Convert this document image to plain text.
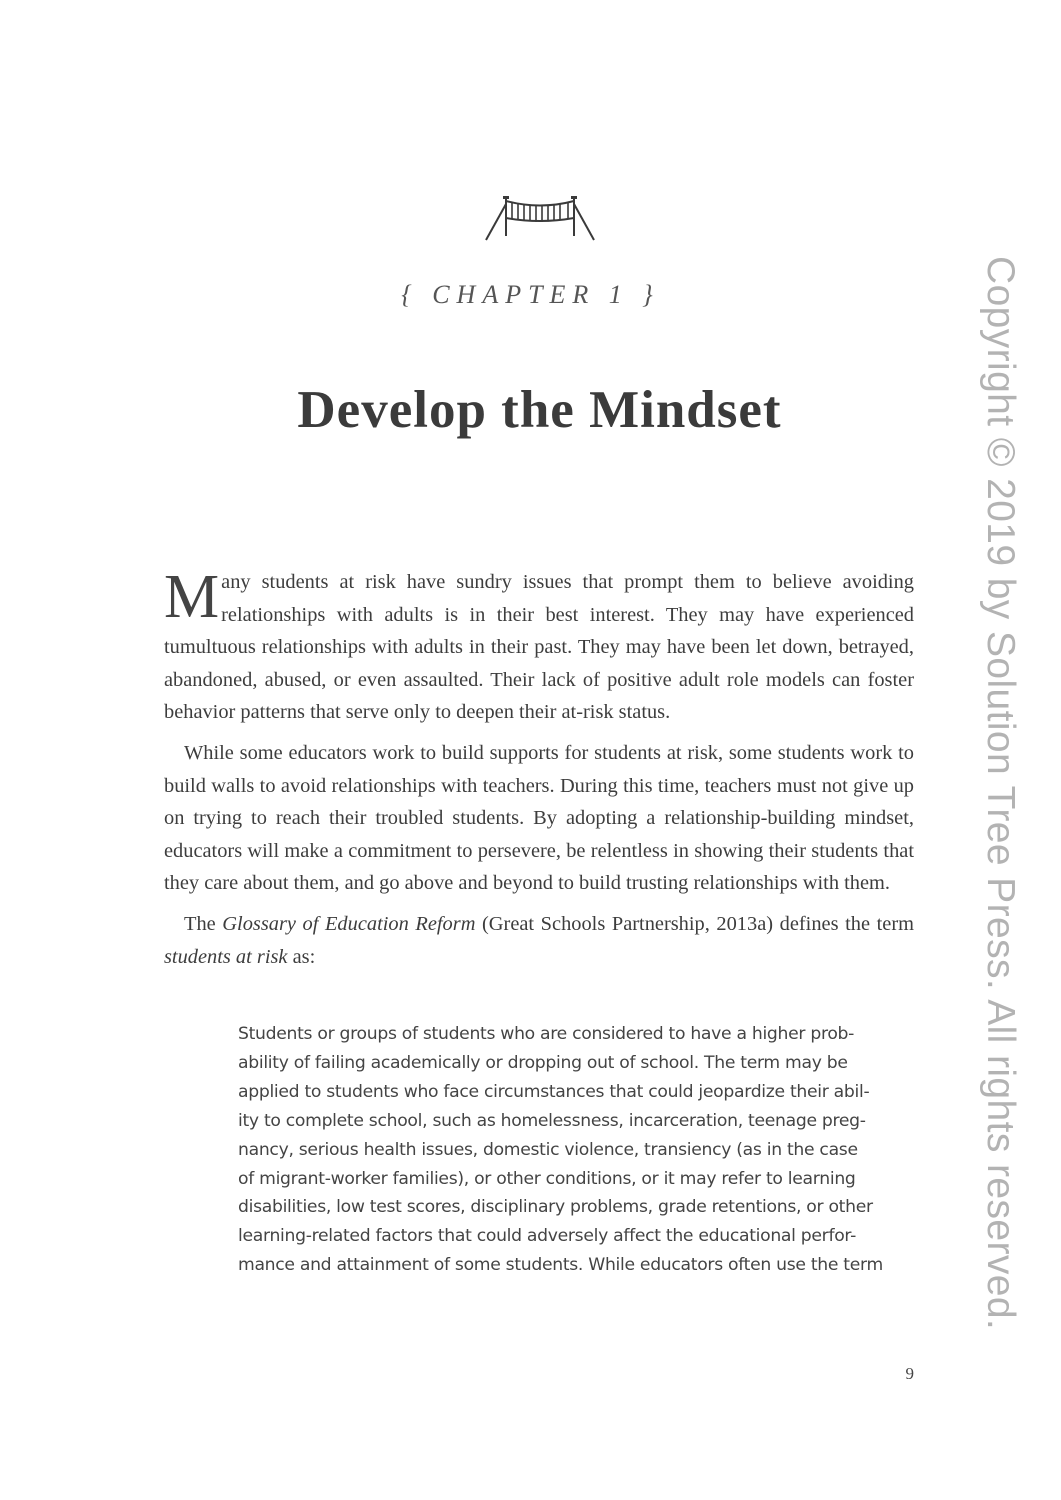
{ CHAPTER 1 }
Develop the Mindset

Many students at risk have sundry issues that prompt them to believe avoiding relationships with adults is in their best interest. They may have experienced tumultuous relationships with adults in their past. They may have been let down, betrayed, abandoned, abused, or even assaulted. Their lack of positive adult role models can foster behavior patterns that serve only to deepen their at-risk status.

While some educators work to build supports for students at risk, some students work to build walls to avoid relationships with teachers. During this time, teachers must not give up on trying to reach their troubled students. By adopting a relationship-building mindset, educators will make a commitment to persevere, be relentless in showing their students that they care about them, and go above and beyond to build trusting relationships with them.

The Glossary of Education Reform (Great Schools Partnership, 2013a) defines the term students at risk as:

Students or groups of students who are considered to have a higher prob-
ability of failing academically or dropping out of school. The term may be
applied to students who face circumstances that could jeopardize their abil-
ity to complete school, such as homelessness, incarceration, teenage preg-
nancy, serious health issues, domestic violence, transiency (as in the case
of migrant-worker families), or other conditions, or it may refer to learning
disabilities, low test scores, disciplinary problems, grade retentions, or other
learning-related factors that could adversely affect the educational perfor-
mance and attainment of some students. While educators often use the term
9
Copyright © 2019 by Solution Tree Press. All rights reserved.
